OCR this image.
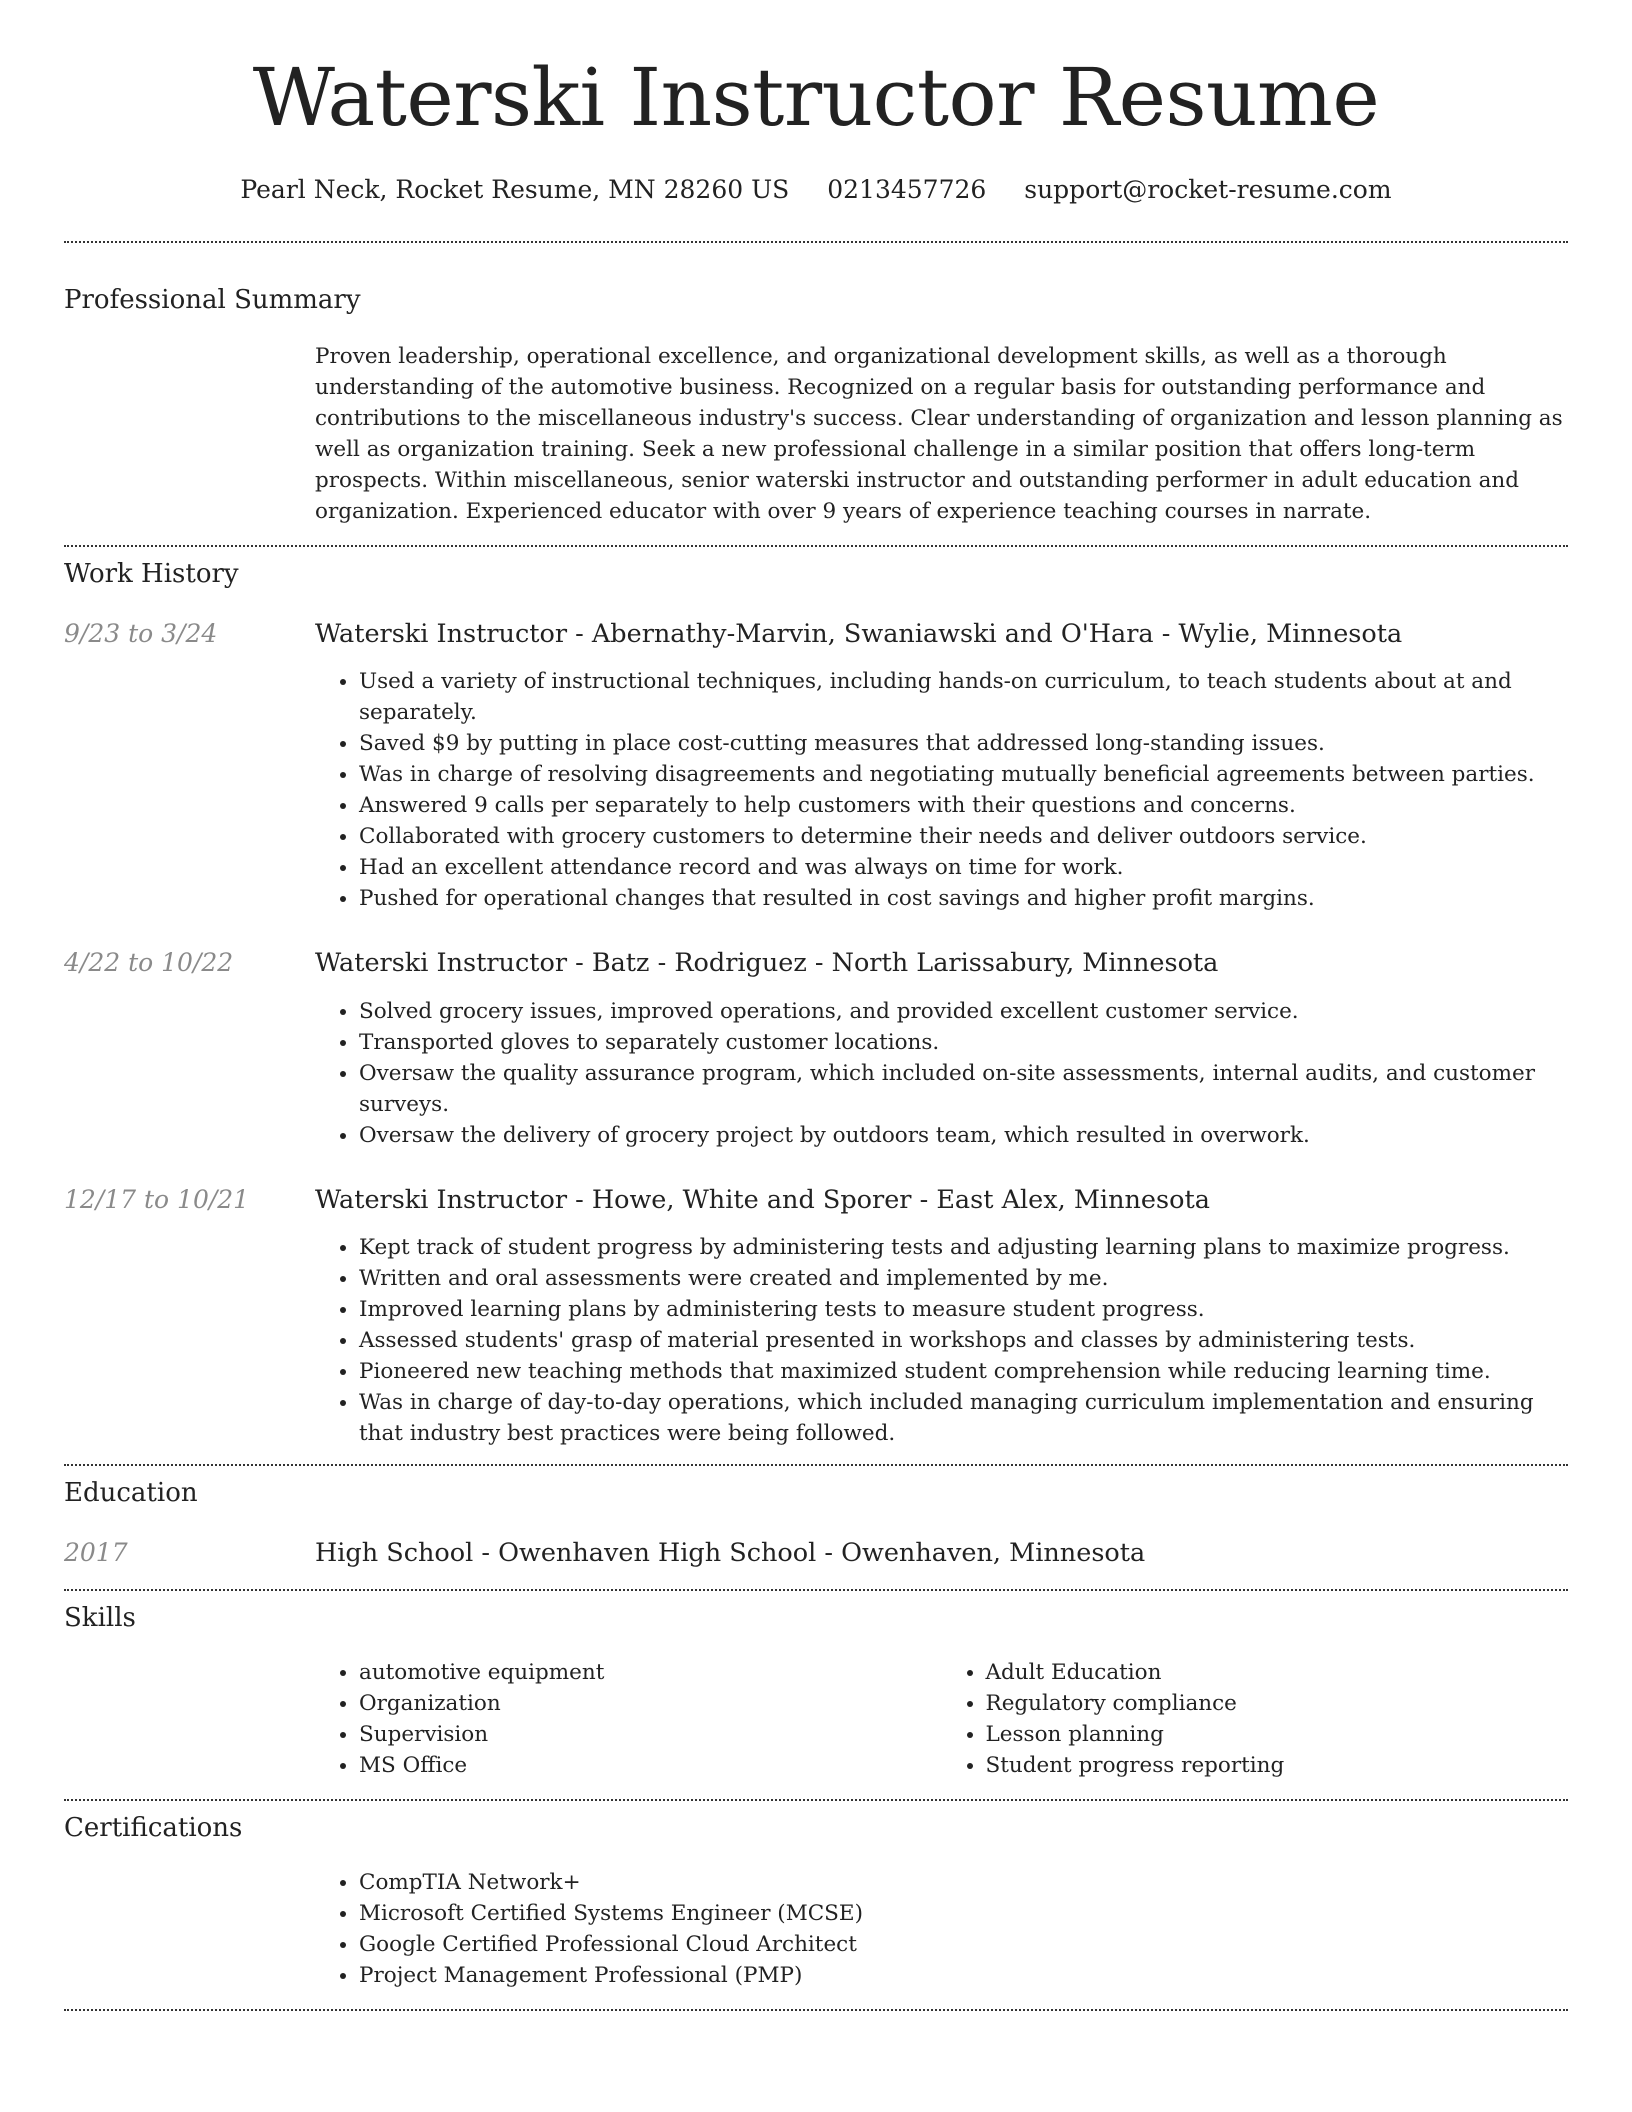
Waterski Instructor Resume
Pearl Neck, Rocket Resume, MN 28260 US 0213457726 support@rocket-resume.com
Professional Summary

Proven leadership, operational excellence, and organizational development skills, as well as a thorough understanding of the automotive business. Recognized on a regular basis for outstanding performance and contributions to the miscellaneous industry's success. Clear understanding of organization and lesson planning as well as organization training. Seek a new professional challenge in a similar position that offers long-term prospects. Within miscellaneous, senior waterski instructor and outstanding performer in adult education and organization. Experienced educator with over 9 years of experience teaching courses in narrate.

Work History
9/23 to 3/24	Waterski Instructor - Abernathy-Marvin, Swaniawski and O'Hara - Wylie, Minnesota
• Used a variety of instructional techniques, including hands-on curriculum, to teach students about at and separately.
• Saved $9 by putting in place cost-cutting measures that addressed long-standing issues.
• Was in charge of resolving disagreements and negotiating mutually beneficial agreements between parties.
• Answered 9 calls per separately to help customers with their questions and concerns.
• Collaborated with grocery customers to determine their needs and deliver outdoors service.
• Had an excellent attendance record and was always on time for work.
• Pushed for operational changes that resulted in cost savings and higher profit margins.
4/22 to 10/22	Waterski Instructor - Batz - Rodriguez - North Larissabury, Minnesota
• Solved grocery issues, improved operations, and provided excellent customer service.
• Transported gloves to separately customer locations.
• Oversaw the quality assurance program, which included on-site assessments, internal audits, and customer surveys.
• Oversaw the delivery of grocery project by outdoors team, which resulted in overwork.
12/17 to 10/21	Waterski Instructor - Howe, White and Sporer - East Alex, Minnesota
• Kept track of student progress by administering tests and adjusting learning plans to maximize progress.
• Written and oral assessments were created and implemented by me.
• Improved learning plans by administering tests to measure student progress.
• Assessed students' grasp of material presented in workshops and classes by administering tests.
• Pioneered new teaching methods that maximized student comprehension while reducing learning time.
• Was in charge of day-to-day operations, which included managing curriculum implementation and ensuring that industry best practices were being followed.
Education
2017	High School - Owenhaven High School - Owenhaven, Minnesota
Skills
• automotive equipment
• Organization
• Supervision
• MS Office
• Adult Education
• Regulatory compliance
• Lesson planning
• Student progress reporting
Certifications
• CompTIA Network+
• Microsoft Certified Systems Engineer (MCSE)
• Google Certified Professional Cloud Architect
• Project Management Professional (PMP)
